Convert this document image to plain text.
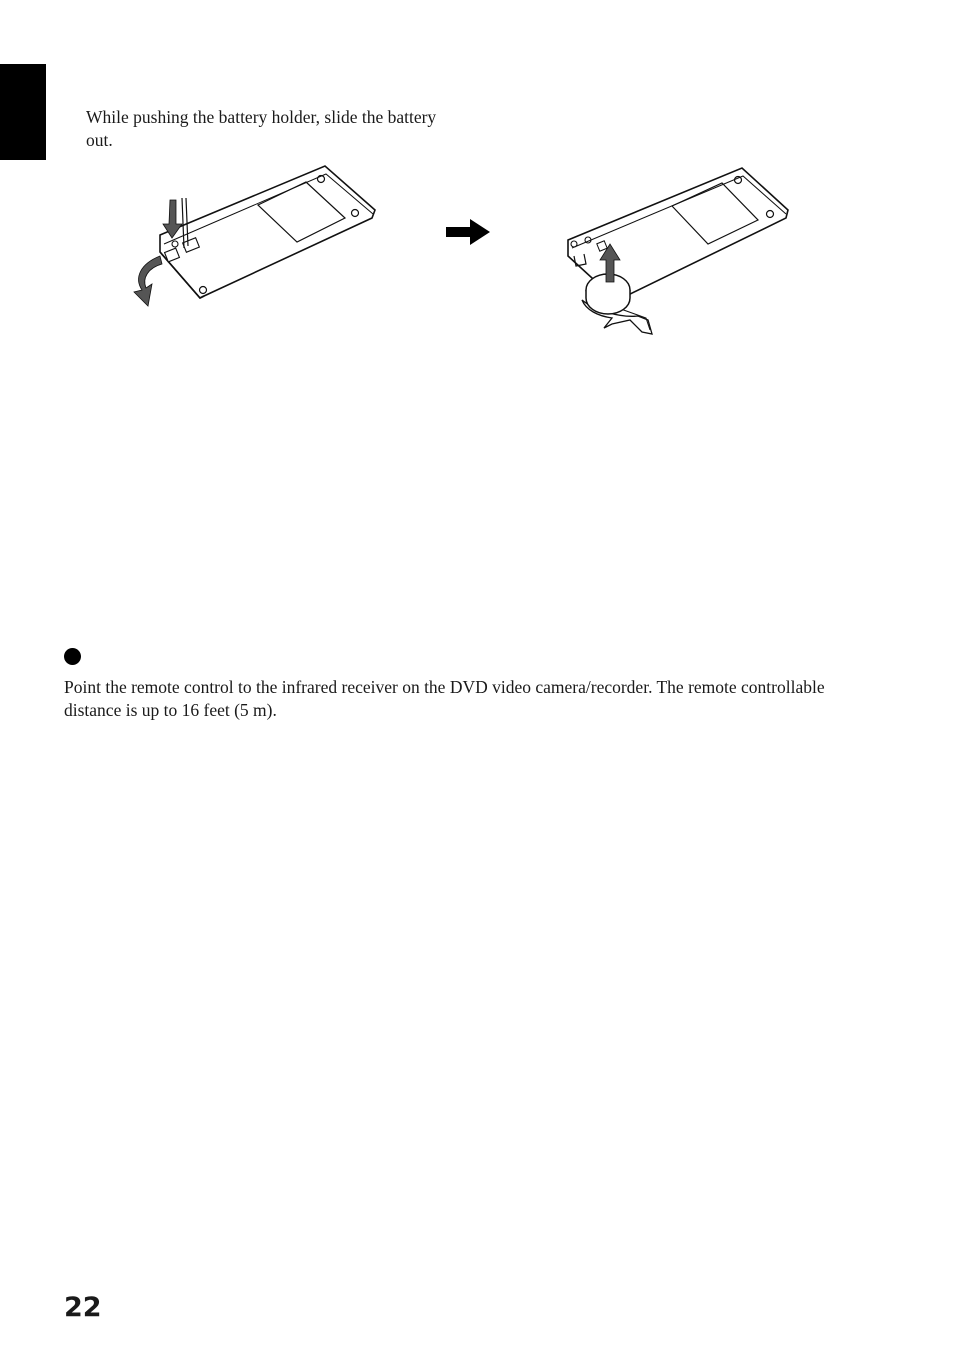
While pushing the battery holder, slide the battery out.
Point the remote control to the infrared receiver on the DVD video camera/recorder. The remote controllable distance is up to 16 feet (5 m).
22
